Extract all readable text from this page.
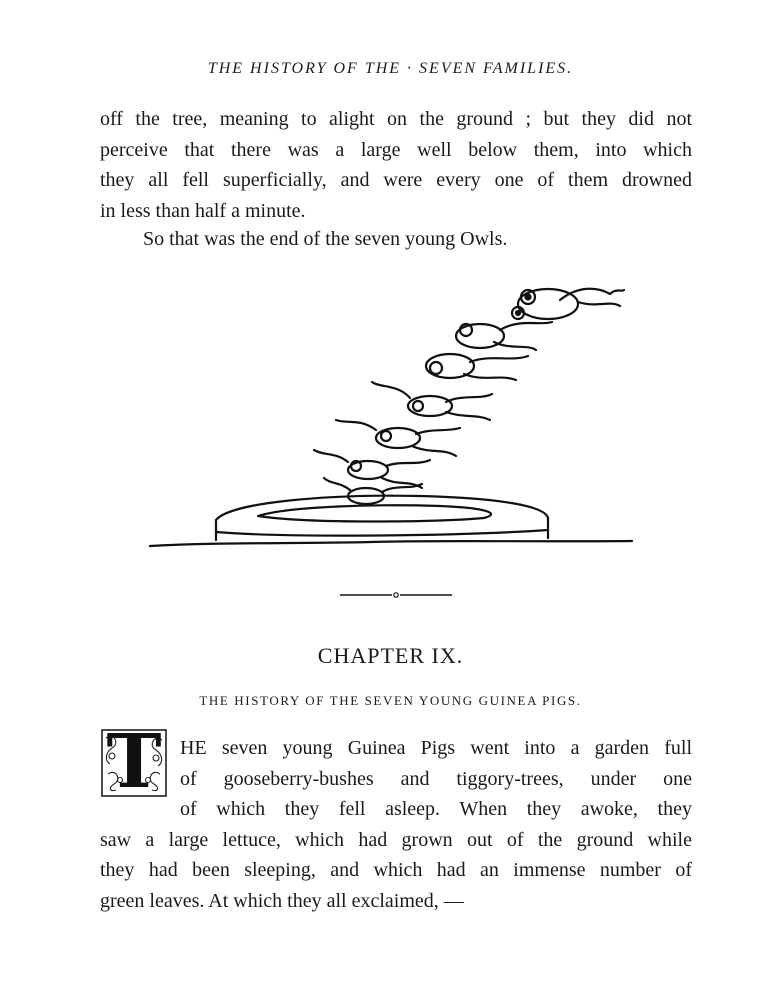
THE HISTORY OF THE · SEVEN FAMILIES.
off the tree, meaning to alight on the ground ; but they did not
perceive that there was a large well below them, into which
they all fell superficially, and were every one of them drowned
in less than half a minute.
So that was the end of the seven young Owls.
CHAPTER IX.
THE HISTORY OF THE SEVEN YOUNG GUINEA PIGS.
T HE seven young Guinea Pigs went into a garden full
of gooseberry-bushes and tiggory-trees, under one
of which they fell asleep. When they awoke, they
saw a large lettuce, which had grown out of the ground while
they had been sleeping, and which had an immense number of
green leaves. At which they all exclaimed, —
